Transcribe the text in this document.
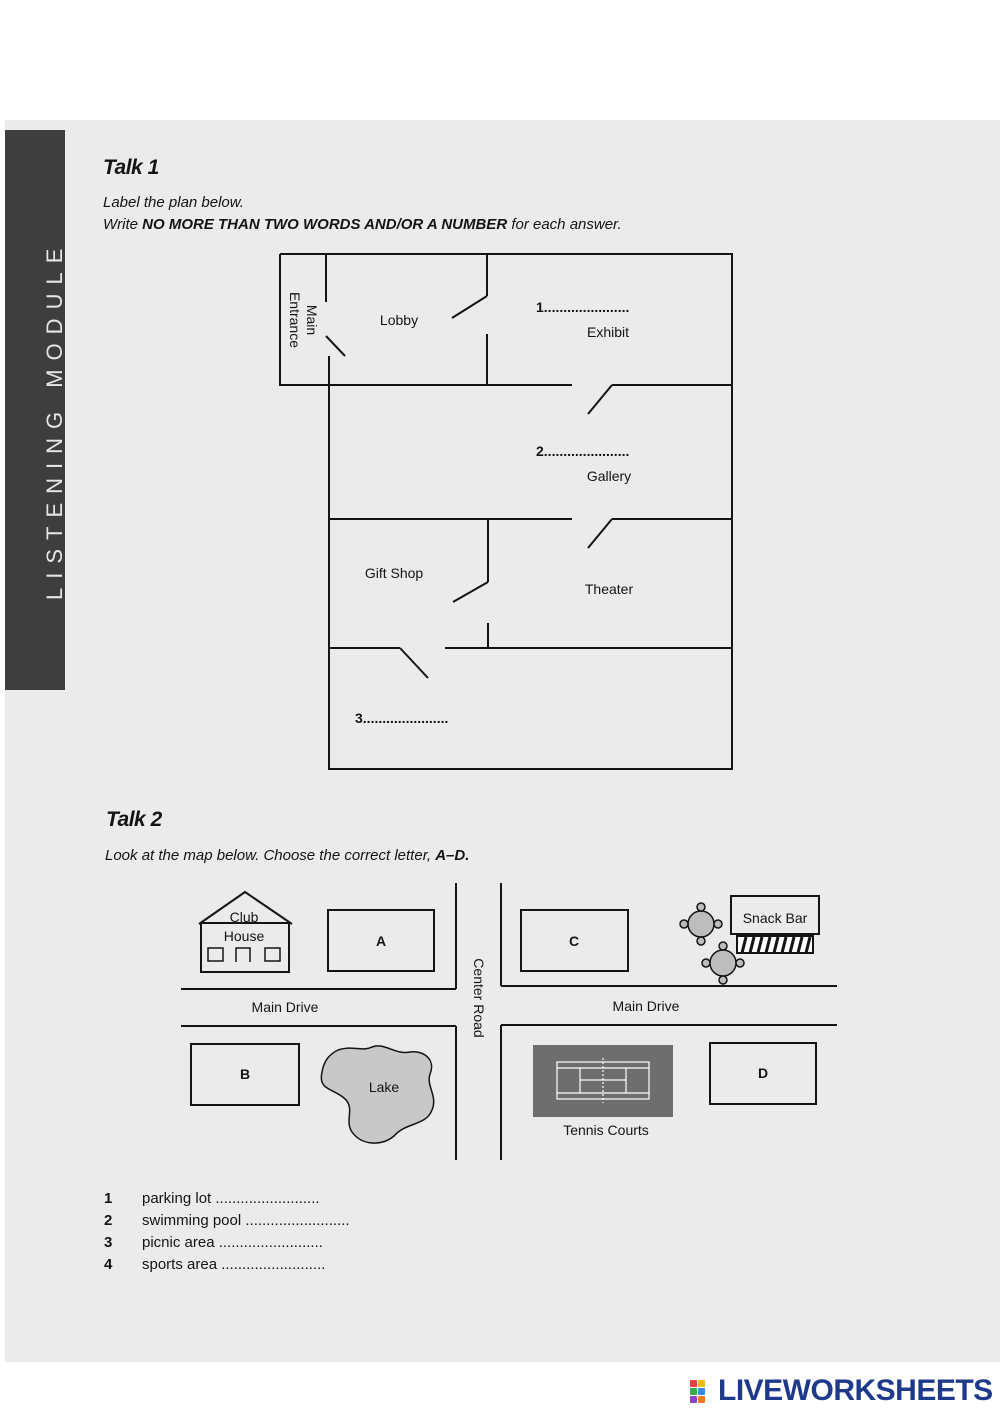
LISTENING MODULE
Talk 1
Label the plan below.
Write NO MORE THAN TWO WORDS AND/OR A NUMBER for each answer.
Main
Entrance	Lobby
1......................
Exhibit
2......................
Gallery
Gift Shop
Theater
3......................
Club
House	A
B
C
D
Snack Bar
Main Drive	Main Drive
Center Road
Lake
Tennis Courts
Talk 2
Look at the map below. Choose the correct letter, A–D.
1 parking lot .........................
2 swimming pool .........................
3 picnic area .........................
4 sports area .........................
LIVEWORKSHEETS
